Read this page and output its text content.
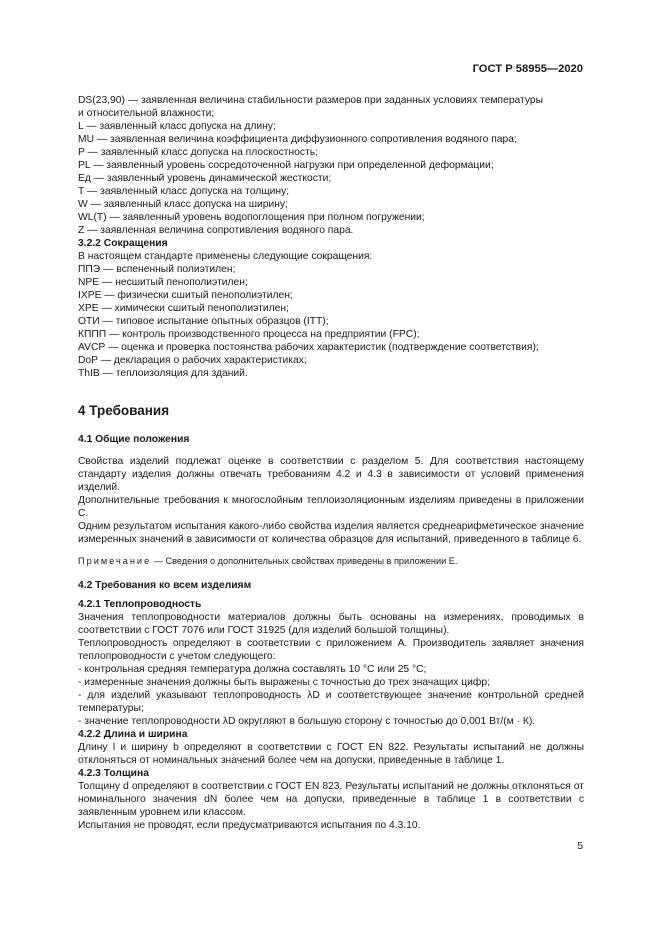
ГОСТ Р 58955—2020

DS(23,90) — заявленная величина стабильности размеров при заданных условиях температуры

и относительной влажности;

L — заявленный класс допуска на длину;

MU — заявленная величина коэффициента диффузионного сопротивления водяного пара;

P — заявленный класс допуска на плоскостность;

PL — заявленный уровень сосредоточенной нагрузки при определенной деформации;

Eд — заявленный уровень динамической жесткости;

T — заявленный класс допуска на толщину;

W — заявленный класс допуска на ширину;

WL(T) — заявленный уровень водопоглощения при полном погружении;

Z — заявленная величина сопротивления водяного пара.

3.2.2 Сокращения

В настоящем стандарте применены следующие сокращения:

ППЭ — вспененный полиэтилен;

NPE — несшитый пенополиэтилен;

IXPE — физически сшитый пенополиэтилен;

XPE — химически сшитый пенополиэтилен;

ОТИ — типовое испытание опытных образцов (ITT);

КППП — контроль производственного процесса на предприятии (FPC);

AVCP — оценка и проверка постоянства рабочих характеристик (подтверждение соответствия);

DoP — декларация о рабочих характеристиках;

ThIB — теплоизоляция для зданий.

4 Требования

4.1 Общие положения

Свойства изделий подлежат оценке в соответствии с разделом 5. Для соответствия настоящему стандарту изделия должны отвечать требованиям 4.2 и 4.3 в зависимости от условий применения изделий.

Дополнительные требования к многослойным теплоизоляционным изделиям приведены в приложении C.

Одним результатом испытания какого-либо свойства изделия является среднеарифметическое значение измеренных значений в зависимости от количества образцов для испытаний, приведенного в таблице 6.

Примечание — Сведения о дополнительных свойствах приведены в приложении E.

4.2 Требования ко всем изделиям

4.2.1 Теплопроводность

Значения теплопроводности материалов должны быть основаны на измерениях, проводимых в соответствии с ГОСТ 7076 или ГОСТ 31925 (для изделий большой толщины).

Теплопроводность определяют в соответствии с приложением A. Производитель заявляет значения теплопроводности с учетом следующего:

- контрольная средняя температура должна составлять 10 °С или 25 °С;

- измеренные значения должны быть выражены с точностью до трех значащих цифр;

- для изделий указывают теплопроводность λD и соответствующее значение контрольной средней температуры;

- значение теплопроводности λD округляют в большую сторону с точностью до 0,001 Вт/(м · К).

4.2.2 Длина и ширина

Длину l и ширину b определяют в соответствии с ГОСТ EN 822. Результаты испытаний не должны отклоняться от номинальных значений более чем на допуски, приведенные в таблице 1.

4.2.3 Толщина

Толщину d определяют в соответствии с ГОСТ EN 823. Результаты испытаний не должны отклоняться от номинального значения dN более чем на допуски, приведенные в таблице 1 в соответствии с заявленным уровнем или классом.

Испытания не проводят, если предусматриваются испытания по 4.3.10.

5
